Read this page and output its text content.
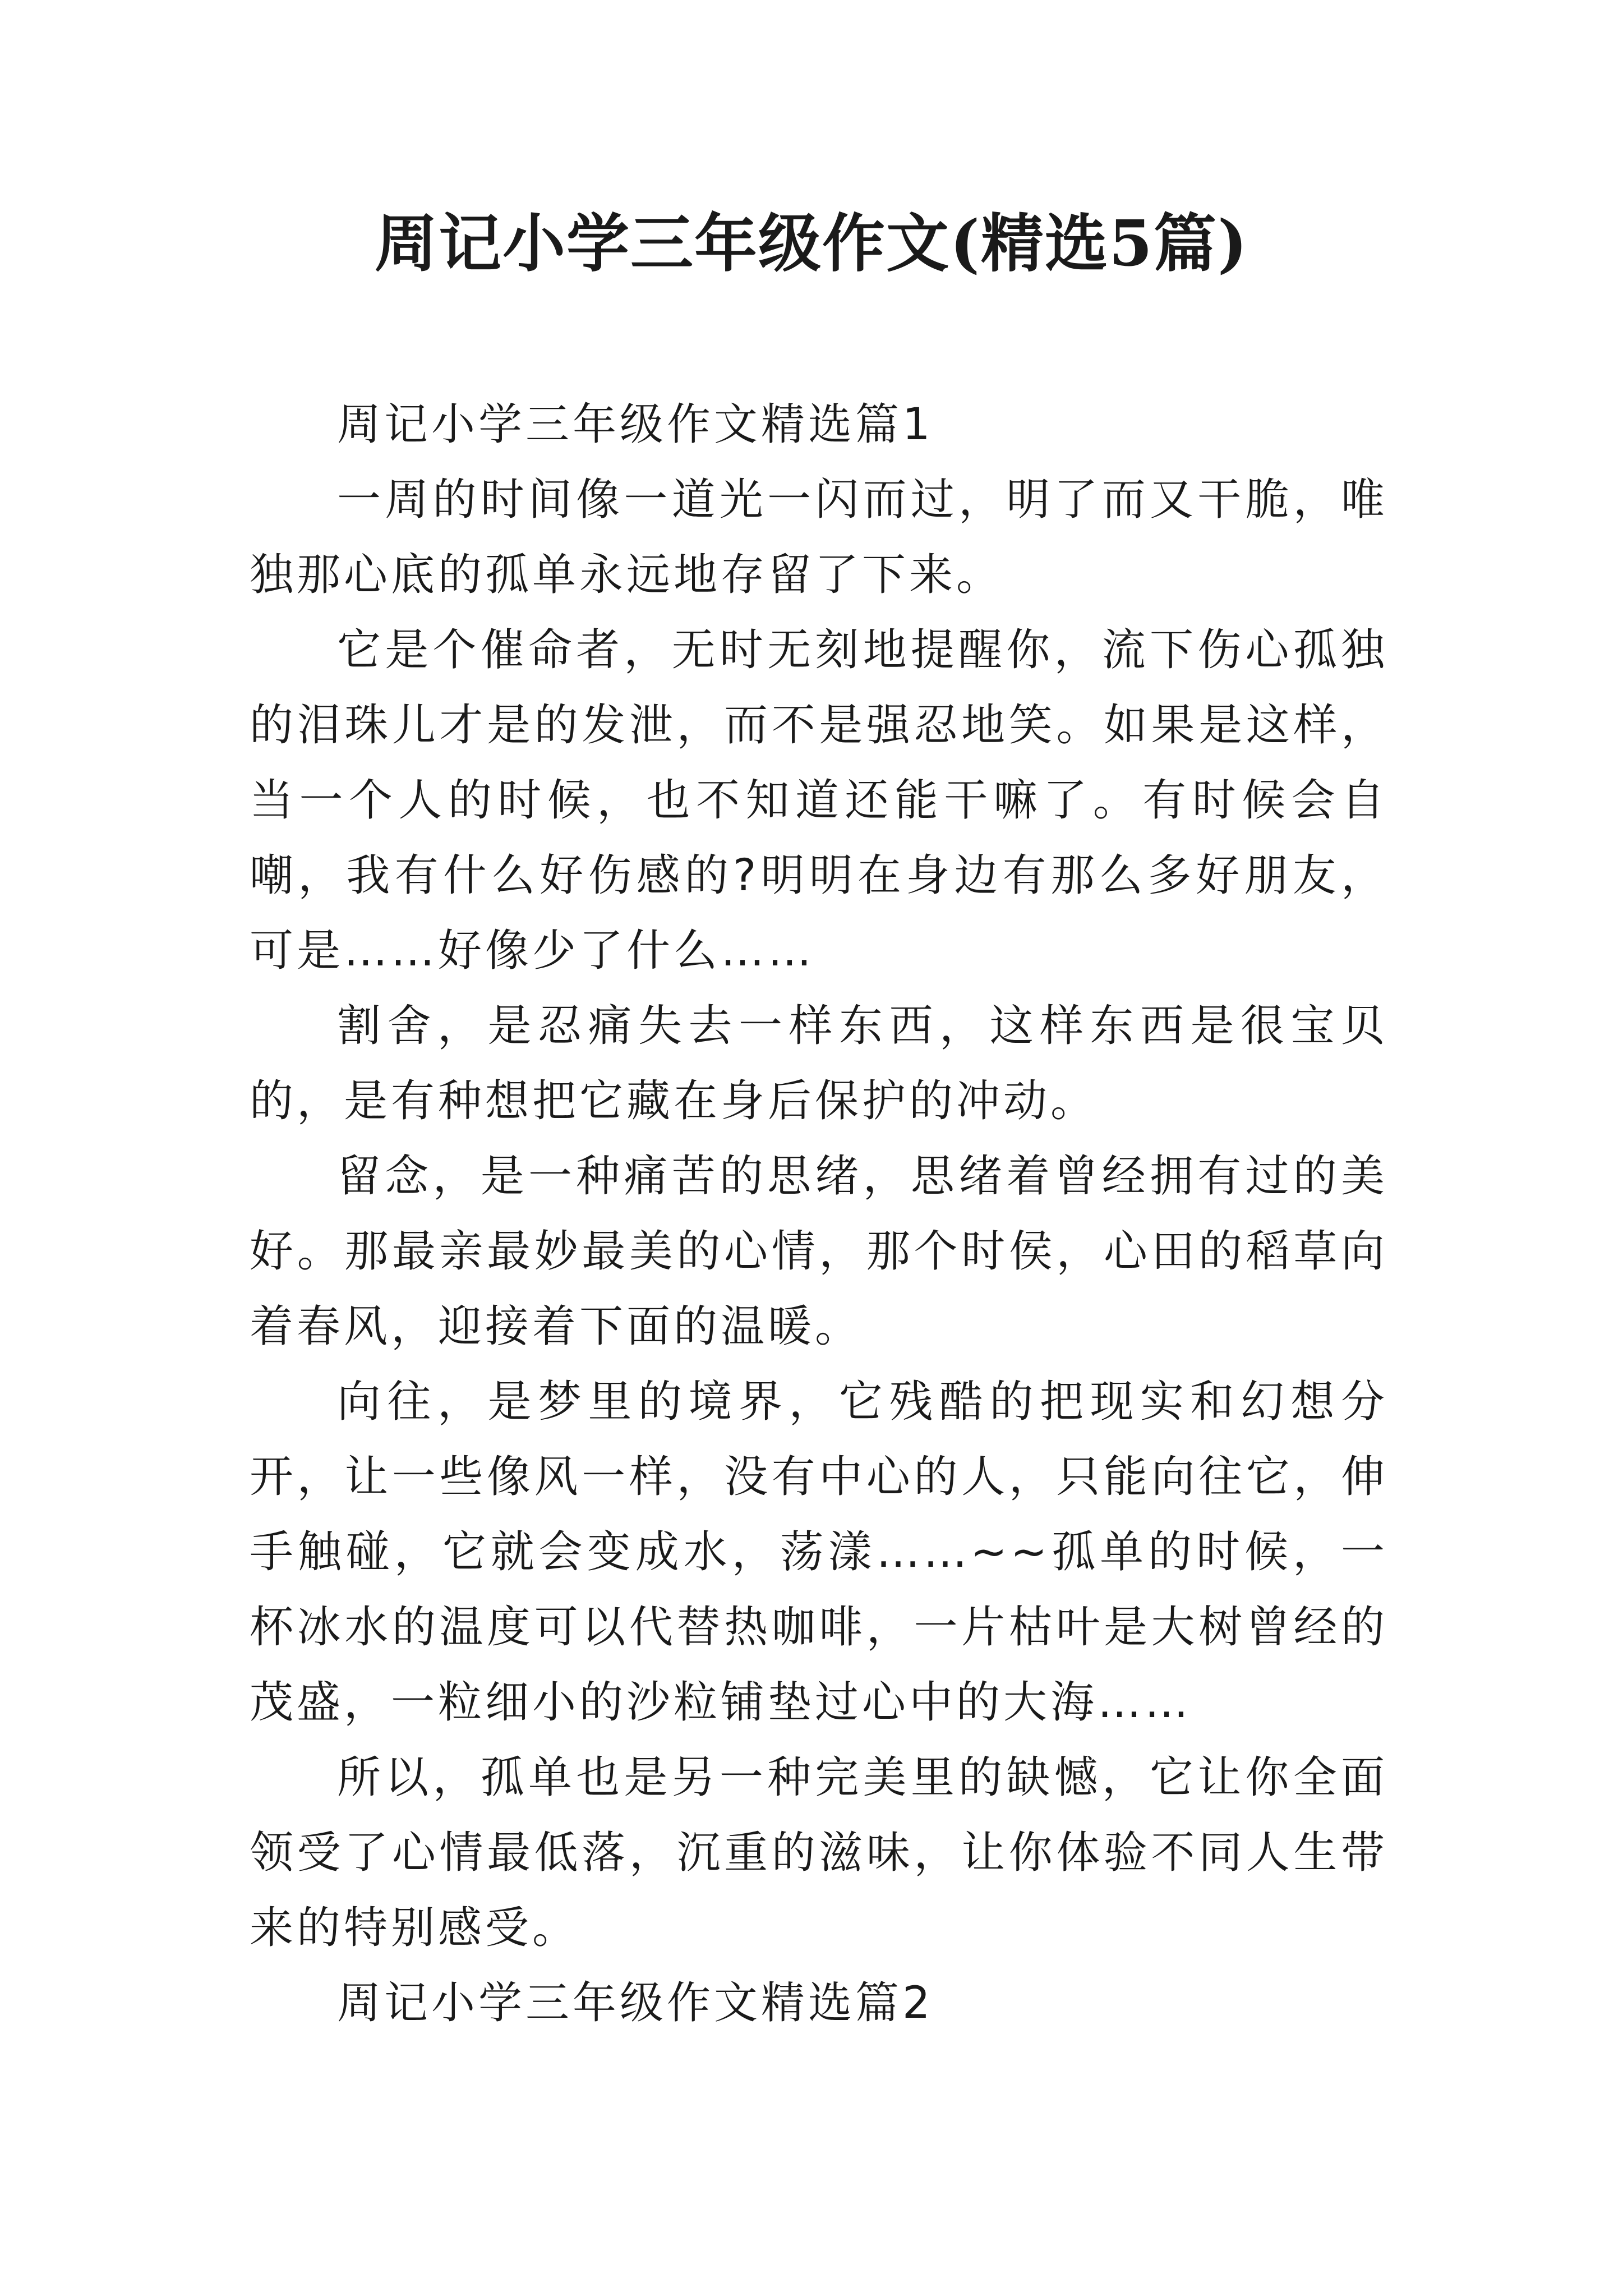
周记小学三年级作文(精选5篇)

周记小学三年级作文精选篇1

一周的时间像一道光一闪而过，明了而又干脆，唯独那心底的孤单永远地存留了下来。

它是个催命者，无时无刻地提醒你，流下伤心孤独的泪珠儿才是的发泄，而不是强忍地笑。如果是这样，当一个人的时候，也不知道还能干嘛了。有时候会自嘲，我有什么好伤感的?明明在身边有那么多好朋友，可是……好像少了什么……

割舍，是忍痛失去一样东西，这样东西是很宝贝的，是有种想把它藏在身后保护的冲动。

留念，是一种痛苦的思绪，思绪着曾经拥有过的美好。那最亲最妙最美的心情，那个时侯，心田的稻草向着春风，迎接着下面的温暖。

向往，是梦里的境界，它残酷的把现实和幻想分开，让一些像风一样，没有中心的人，只能向往它，伸手触碰，它就会变成水，荡漾……~~孤单的时候，一杯冰水的温度可以代替热咖啡，一片枯叶是大树曾经的茂盛，一粒细小的沙粒铺垫过心中的大海……

所以，孤单也是另一种完美里的缺憾，它让你全面领受了心情最低落，沉重的滋味，让你体验不同人生带来的特别感受。

周记小学三年级作文精选篇2
